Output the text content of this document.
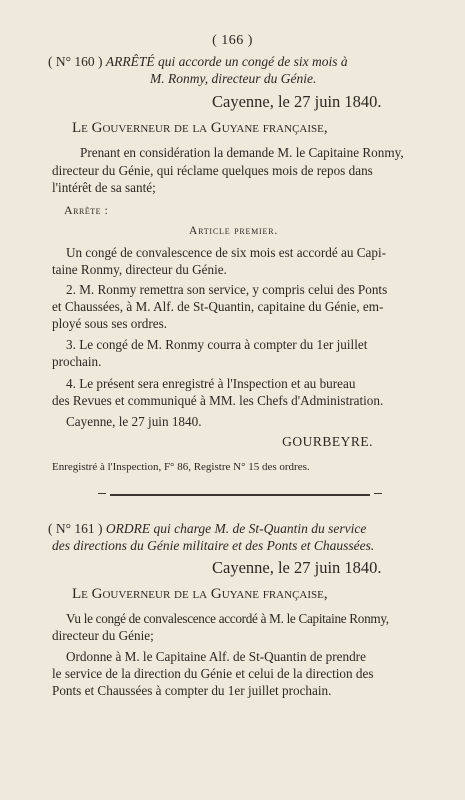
( 166 )
( N° 160 ) ARRÊTÉ qui accorde un congé de six mois à
M. Ronmy, directeur du Génie.
Cayenne, le 27 juin 1840.
Le Gouverneur de la Guyane française,

Prenant en considération la demande M. le Capitaine Ronmy,

directeur du Génie, qui réclame quelques mois de repos dans

l'intérêt de sa santé;

Arrête :
Article premier.

Un congé de convalescence de six mois est accordé au Capi-

taine Ronmy, directeur du Génie.

2. M. Ronmy remettra son service, y compris celui des Ponts

et Chaussées, à M. Alf. de St-Quantin, capitaine du Génie, em-

ployé sous ses ordres.

3. Le congé de M. Ronmy courra à compter du 1er juillet

prochain.

4. Le présent sera enregistré à l'Inspection et au bureau

des Revues et communiqué à MM. les Chefs d'Administration.

Cayenne, le 27 juin 1840.

GOURBEYRE.
Enregistré à l'Inspection, F° 86, Registre N° 15 des ordres.
( N° 161 ) ORDRE qui charge M. de St-Quantin du service
des directions du Génie militaire et des Ponts et Chaussées.
Cayenne, le 27 juin 1840.
Le Gouverneur de la Guyane française,

Vu le congé de convalescence accordé à M. le Capitaine Ronmy,

directeur du Génie;

Ordonne à M. le Capitaine Alf. de St-Quantin de prendre

le service de la direction du Génie et celui de la direction des

Ponts et Chaussées à compter du 1er juillet prochain.
